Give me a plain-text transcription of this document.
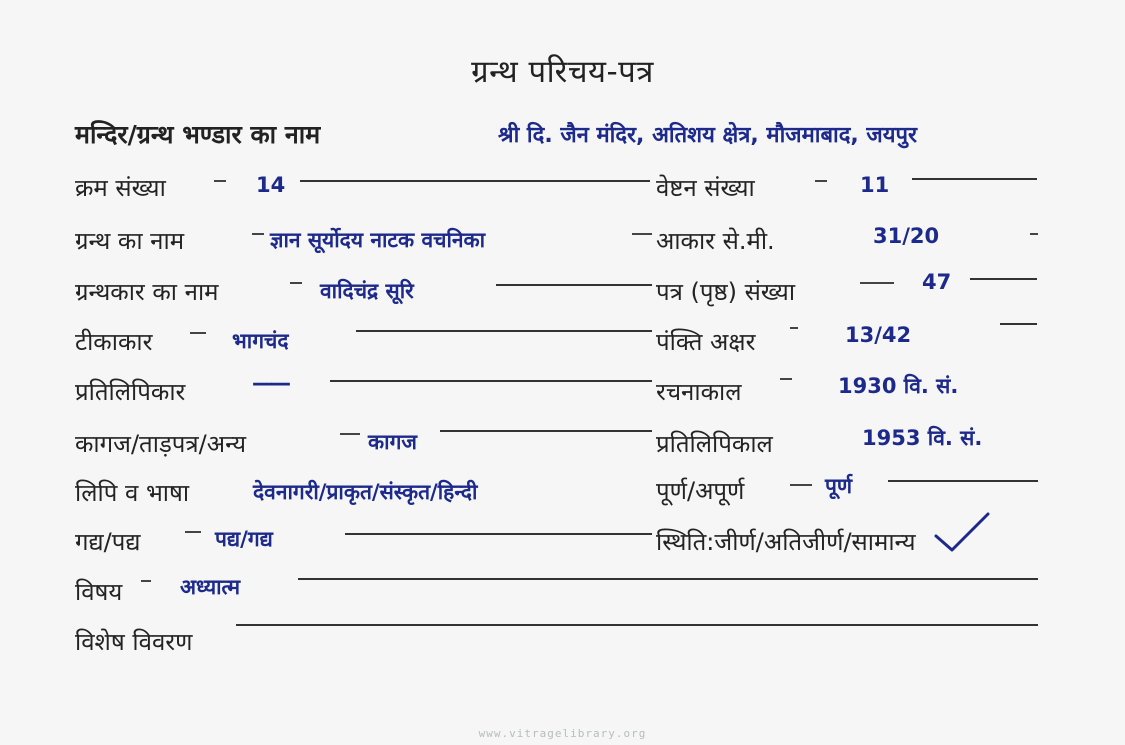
ग्रन्थ परिचय-पत्र
मन्दिर/ग्रन्थ भण्डार का नाम	श्री दि. जैन मंदिर, अतिशय क्षेत्र, मौजमाबाद, जयपुर
क्रम संख्या	14	वेष्टन संख्या	11
ग्रन्थ का नाम	ज्ञान सूर्योदय नाटक वचनिका	आकार से.मी.	31/20
ग्रन्थकार का नाम	वादिचंद्र सूरि	पत्र (पृष्ठ) संख्या	47
टीकाकार	भागचंद	पंक्ति अक्षर	13/42
प्रतिलिपिकार	——	रचनाकाल	1930 वि. सं.
कागज/ताड़पत्र/अन्य	कागज	प्रतिलिपिकाल	1953 वि. सं.
लिपि व भाषा	देवनागरी/प्राकृत/संस्कृत/हिन्दी	पूर्ण/अपूर्ण	पूर्ण
गद्य/पद्य	पद्य/गद्य	स्थिति:जीर्ण/अतिजीर्ण/सामान्य
विषय	अध्यात्म
विशेष विवरण
www.vitragelibrary.org
